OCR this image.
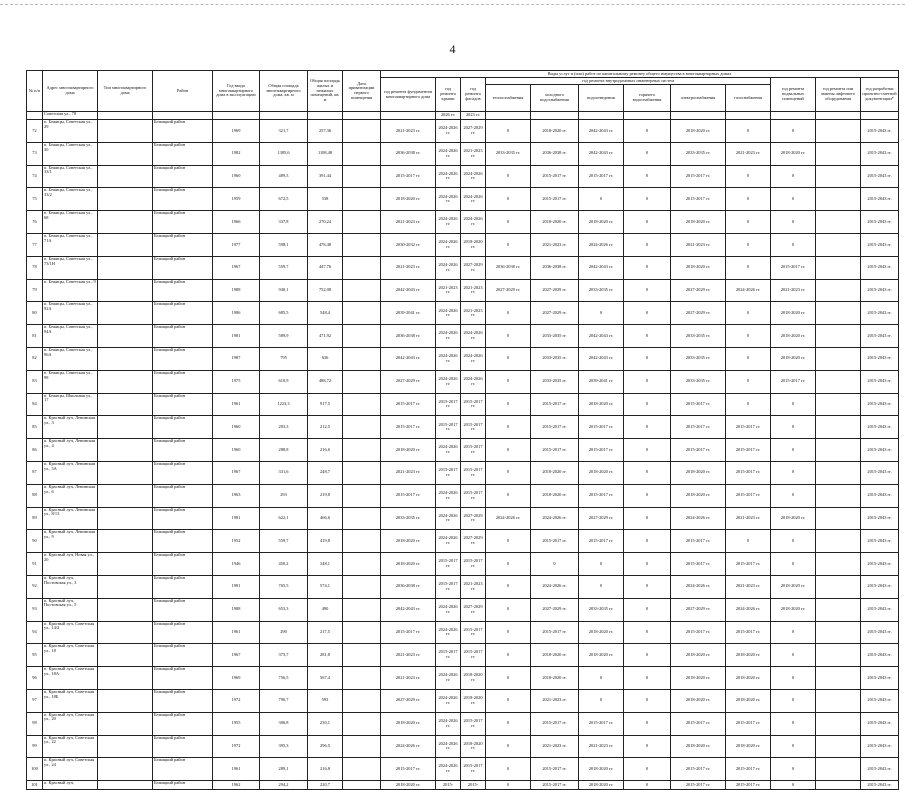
4
№ п/п	Адрес многоквартирного дома	Тип многоквартирного дома	Район	Год ввода многоквартирного дома в эксплуатацию	Общая площадь многоквартирного дома, кв. м	Общая площадь жилых и нежилых помещений, кв. м	Дата приватизации первого помещения	Виды услуг и (или) работ по капитальному ремонту общего имущества в многоквартирных домах											
								год ремонта фундаментов многоквартирного дома	год ремонта крыши	год ремонта фасадов	год ремонта внутридомовых инженерных систем						год ремонта подвальных помещений	год ремонта или замены лифтового оборудования	год разработки проектно-сметной документации*
											теплоснабжения	холодного водоснабжения	водоотведения	горячего водоснабжения	электроснабжения	газоснабжения			
	Советская ул., 78								2026 гг.	2023 гг.									
72	п. Бежицы, Советская ул., 29		Бежицкий район	1969	321,7	257,36		2021-2023 гг.	2024-2026 гг.	2027-2029 гг.	0	2018-2020 гг.	2042-2043 гг.	0	2018-2020 гг.	0	0		2015-2043 гг.
73	п. Бежицы, Советская ул., 30		Бежицкий район	1982	1385,6	1108,48		2036-2038 гг.	2024-2026 гг.	2021-2023 гг.	2033-2035 гг.	2036-2038 гг.	2042-2043 гг.	0	2033-2035 гг.	2021-2023 гг.	2018-2020 гг.		2015-2043 гг.
74	п. Бежицы, Советская ул., 33/1		Бежицкий район	1960	489,3	391,44		2015-2017 гг.	2024-2026 гг.	2024-2026 гг.	0	2015-2017 гг.	2015-2017 гг.	0	2015-2017 гг.	0	0		2015-2043 гг.
75	п. Бежицы, Советская ул., 33/2		Бежицкий район	1959	672,5	538		2018-2020 гг.	2024-2026 гг.	2024-2026 гг.	0	2015-2017 гг.	0	0	2015-2017 гг.	0	0		2015-2043 гг.
76	п. Бежицы, Советская ул., 68		Бежицкий район	1966	337,8	270,24		2021-2023 гг.	2024-2026 гг.	2024-2026 гг.	0	2018-2020 гг.	2018-2020 гг.	0	2018-2020 гг.	0	0		2015-2043 гг.
77	п. Бежицы, Советская ул., 71А		Бежицкий район	1977	598,1	478,48		2030-2032 гг.	2024-2026 гг.	2018-2020 гг.	0	2021-2023 гг.	2024-2026 гг.	0	2021-2023 гг.	0	0		2015-2043 гг.
78	п. Бежицы, Советская ул., 73/1Н		Бежицкий район	1967	559,7	447,76		2021-2023 гг.	2024-2026 гг.	2027-2029 гг.	2036-2038 гг.	2036-2038 гг.	2042-2043 гг.	0	2018-2020 гг.	0	2015-2017 гг.		2015-2043 гг.
79	п. Бежицы, Советская ул., 9		Бежицкий район	1988	940,1	752,08		2042-2043 гг.	2021-2023 гг.	2021-2023 гг.	2027-2029 гг.	2027-2029 гг.	2033-2035 гг.	0	2027-2029 гг.	2024-2026 гг.	2021-2023 гг.		2015-2043 гг.
80	п. Бежицы, Советская ул., 92А		Бежицкий район	1986	685,5	548,4		2039-2041 гг.	2024-2026 гг.	2021-2023 гг.	0	2027-2029 гг.	0	0	2027-2029 гг.	0	2018-2020 гг.		2015-2043 гг.
81	п. Бежицы, Советская ул., 94А		Бежицкий район	1981	589,9	471,92		2036-2038 гг.	2024-2026 гг.	2024-2026 гг.	0	2033-2035 гг.	2042-2043 гг.	0	2033-2035 гг.	0	2018-2020 гг.		2015-2043 гг.
82	п. Бежицы, Советская ул., 96А		Бежицкий район	1987	795	636		2042-2043 гг.	2024-2026 гг.	2024-2026 гг.	0	2033-2035 гг.	2042-2043 гг.	0	2033-2035 гг.	0	2018-2020 гг.		2015-2043 гг.
83	п. Бежицы, Советская ул., 98		Бежицкий район	1975	610,9	488,72		2027-2029 гг.	2024-2026 гг.	2024-2026 гг.	0	2033-2035 гг.	2039-2041 гг.	0	2033-2035 гг.	0	2015-2017 гг.		2015-2043 гг.
84	п. Бежицы, Школьная ул., 17		Бежицкий район	1961	1223,3	917,5		2015-2017 гг.	2015-2017 гг.	2015-2017 гг.	0	2015-2017 гг.	2018-2020 гг.	0	2015-2017 гг.	0	0		2015-2043 гг.
85	п. Красный луч, Ленинская ул., 3		Бежицкий район	1960	283,3	212,5		2015-2017 гг.	2015-2017 гг.	2015-2017 гг.	0	2015-2017 гг.	2015-2017 гг.	0	2015-2017 гг.	2015-2017 гг.	0		2015-2043 гг.
86	п. Красный луч, Ленинская ул., 4		Бежицкий район	1960	288,8	216,6		2018-2020 гг.	2024-2026 гг.	2015-2017 гг.	0	2015-2017 гг.	2015-2017 гг.	0	2015-2017 гг.	2015-2017 гг.	0		2015-2043 гг.
87	п. Красный луч, Ленинская ул., 5А		Бежицкий район	1967	331,6	248,7		2021-2023 гг.	2015-2017 гг.	2015-2017 гг.	0	2018-2020 гг.	2018-2020 гг.	0	2018-2020 гг.	2015-2017 гг.	0		2015-2043 гг.
88	п. Красный луч, Ленинская ул., 6		Бежицкий район	1963	293	219,8		2015-2017 гг.	2024-2026 гг.	2015-2017 гг.	0	2018-2020 гг.	2015-2017 гг.	0	2018-2020 гг.	2015-2017 гг.	0		2015-2043 гг.
89	п. Красный луч, Ленинская ул., 8/13		Бежицкий район	1981	622,1	466,6		2033-2035 гг.	2024-2026 гг.	2027-2029 гг.	2024-2026 гг.	2024-2026 гг.	2027-2029 гг.	0	2024-2026 гг.	2021-2023 гг.	2018-2020 гг.		2015-2043 гг.
90	п. Красный луч, Ленинская ул., 9		Бежицкий район	1952	559,7	419,8		2018-2020 гг.	2024-2026 гг.	2027-2029 гг.	0	2015-2017 гг.	2015-2017 гг.	0	2015-2017 гг.	0	0		2015-2043 гг.
91	п. Красный луч, Новая ул., 20		Бежицкий район	1946	450,2	348,1		2018-2020 гг.	2015-2017 гг.	2015-2017 гг.	0	0	0	0	2015-2017 гг.	2015-2017 гг.	0		2015-2043 гг.
92	п. Красный луч, Постовская ул., 3		Бежицкий район	1981	765,5	574,1		2036-2038 гг.	2015-2017 гг.	2021-2023 гг.	0	2024-2026 гг.	0	0	2024-2026 гг.	2021-2023 гг.	2018-2020 гг.		2015-2043 гг.
93	п. Красный луч, Постовская ул., 5		Бежицкий район	1988	653,3	490		2042-2043 гг.	2024-2026 гг.	2027-2029 гг.	0	2027-2029 гг.	2033-2035 гг.	0	2027-2029 гг.	2024-2026 гг.	2018-2020 гг.		2015-2043 гг.
94	п. Красный луч, Советская ул., 14/2		Бежицкий район	1961	290	217,5		2015-2017 гг.	2024-2026 гг.	2015-2017 гг.	0	2015-2017 гг.	2018-2020 гг.	0	2015-2017 гг.	2015-2017 гг.	0		2015-2043 гг.
95	п. Красный луч, Советская ул., 18		Бежицкий район	1967	375,7	281,8		2021-2023 гг.	2015-2017 гг.	2015-2017 гг.	0	2018-2020 гг.	2018-2020 гг.	0	2018-2020 гг.	2018-2020 гг.	0		2015-2043 гг.
96	п. Красный луч, Советская ул., 18А		Бежицкий район	1969	756,5	567,4		2021-2023 гг.	2024-2026 гг.	2018-2020 гг.	0	2018-2020 гг.	0	0	2018-2020 гг.	2018-2020 гг.	0		2015-2043 гг.
97	п. Красный луч, Советская ул., 18Б		Бежицкий район	1972	790,7	593		2027-2029 гг.	2024-2026 гг.	2018-2020 гг.	0	2021-2023 гг.	0	0	2018-2020 гг.	2018-2020 гг.	0		2015-2043 гг.
98	п. Красный луч, Советская ул., 20		Бежицкий район	1955	306,8	230,1		2018-2020 гг.	2024-2026 гг.	2015-2017 гг.	0	2015-2017 гг.	2015-2017 гг.	0	2015-2017 гг.	2015-2017 гг.	0		2015-2043 гг.
99	п. Красный луч, Советская ул., 22		Бежицкий район	1972	395,3	296,5		2024-2026 гг.	2024-2026 гг.	2018-2020 гг.	0	2021-2023 гг.	2021-2023 гг.	0	2018-2020 гг.	2018-2020 гг.	0		2015-2043 гг.
100	п. Красный луч, Советская ул., 24		Бежицкий район	1961	289,1	216,8		2015-2017 гг.	2024-2026 гг.	2015-2017 гг.	0	2015-2017 гг.	2018-2020 гг.	0	2015-2017 гг.	2015-2017 гг.	0		2015-2043 гг.
101	п. Красный луч,		Бежицкий район	1962	294,2	220,7		2018-2020 гг.	2015-	2015-	0	2015-2017 гг.	2018-2020 гг.	0	2015-2017 гг.	2015-2017 гг.	0		2015-2043 гг.
